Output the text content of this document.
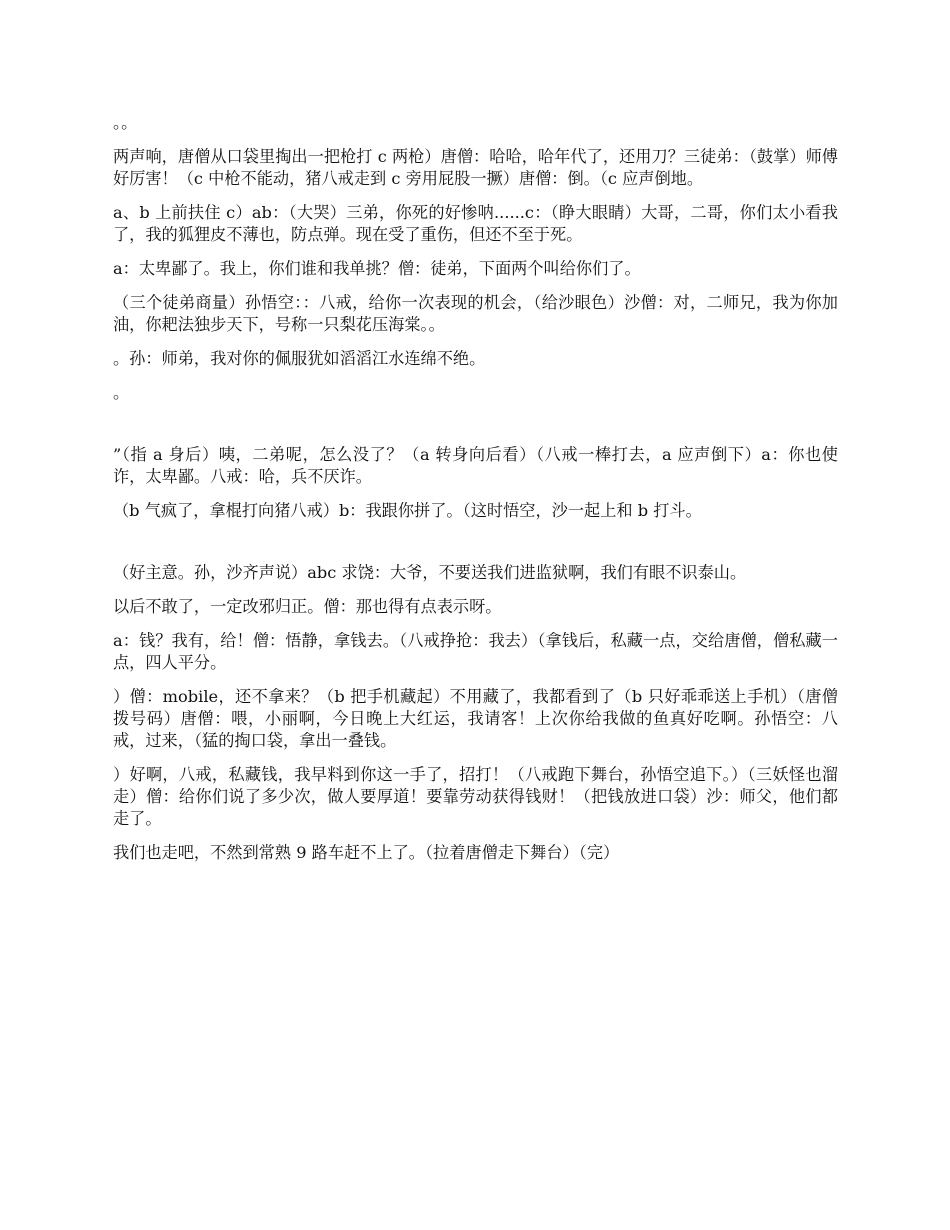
。。

两声响，唐僧从口袋里掏出一把枪打 c 两枪）唐僧：哈哈，哈年代了，还用刀？三徒弟：（鼓掌）师傅好厉害！（c 中枪不能动，猪八戒走到 c 旁用屁股一撅）唐僧：倒。（c 应声倒地。

a、b 上前扶住 c）ab：（大哭）三弟，你死的好惨呐......c：（睁大眼睛）大哥，二哥，你们太小看我了，我的狐狸皮不薄也，防点弹。现在受了重伤，但还不至于死。

a：太卑鄙了。我上，你们谁和我单挑？僧：徒弟，下面两个叫给你们了。

（三个徒弟商量）孙悟空：：八戒，给你一次表现的机会，（给沙眼色）沙僧：对，二师兄，我为你加油，你耙法独步天下，号称一只梨花压海棠。。

。孙：师弟，我对你的佩服犹如滔滔江水连绵不绝。

。

”（指 a 身后）咦，二弟呢，怎么没了？（a 转身向后看）（八戒一棒打去，a 应声倒下）a：你也使诈，太卑鄙。八戒：哈，兵不厌诈。

（b 气疯了，拿棍打向猪八戒）b：我跟你拼了。（这时悟空，沙一起上和 b 打斗。

（好主意。孙，沙齐声说）abc 求饶：大爷，不要送我们进监狱啊，我们有眼不识泰山。

以后不敢了，一定改邪归正。僧：那也得有点表示呀。

a：钱？我有，给！僧：悟静，拿钱去。（八戒挣抢：我去）（拿钱后，私藏一点，交给唐僧，僧私藏一点，四人平分。

）僧：mobile，还不拿来？（b 把手机藏起）不用藏了，我都看到了（b 只好乖乖送上手机）（唐僧拨号码）唐僧：喂，小丽啊，今日晚上大红运，我请客！上次你给我做的鱼真好吃啊。孙悟空：八戒，过来，（猛的掏口袋，拿出一叠钱。

）好啊，八戒，私藏钱，我早料到你这一手了，招打！（八戒跑下舞台，孙悟空追下。）（三妖怪也溜走）僧：给你们说了多少次，做人要厚道！要靠劳动获得钱财！（把钱放进口袋）沙：师父，他们都走了。

我们也走吧，不然到常熟 9 路车赶不上了。（拉着唐僧走下舞台）（完）
